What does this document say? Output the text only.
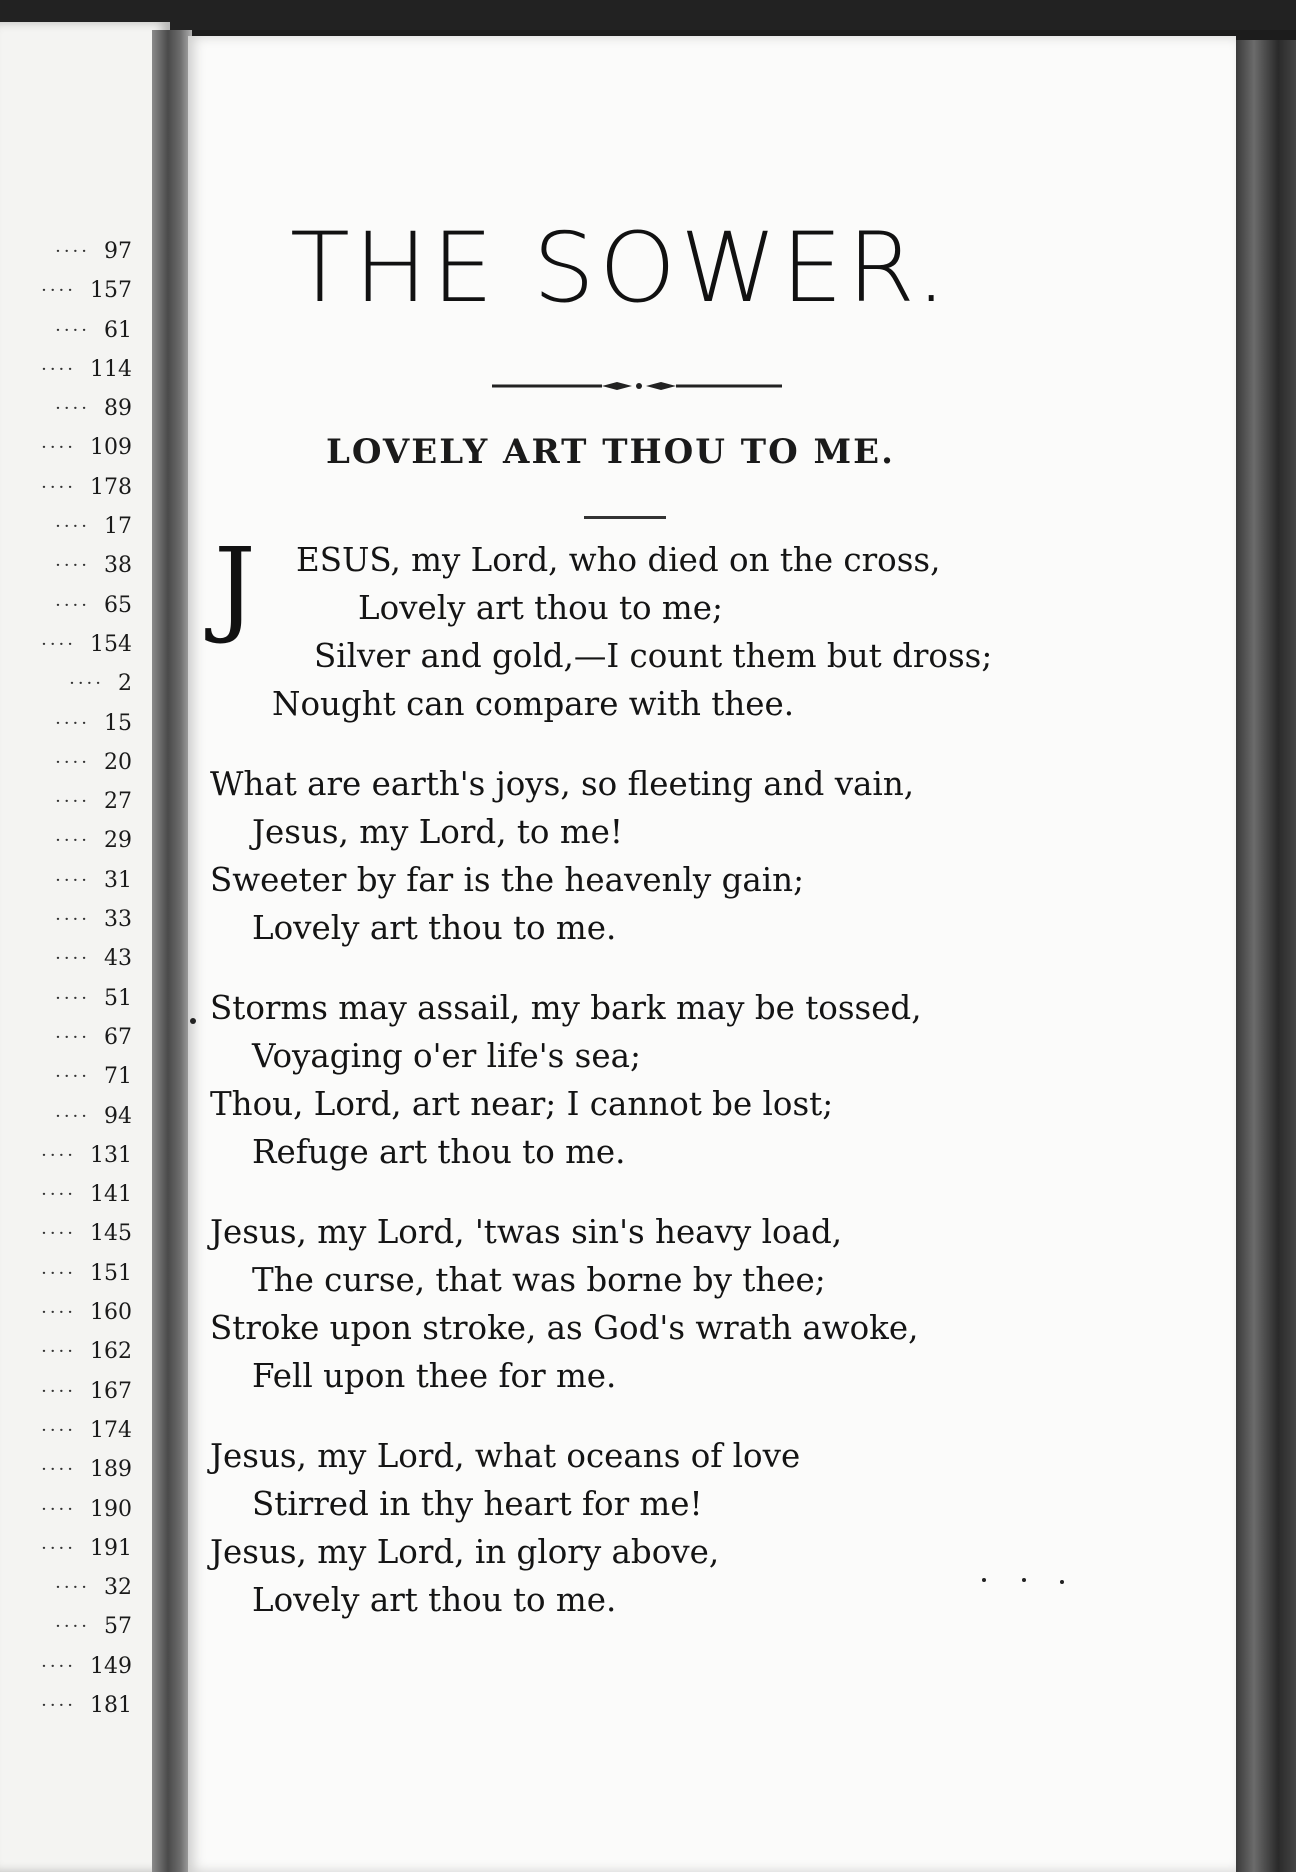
···· 97
···· 157
···· 61
···· 114
···· 89
···· 109
···· 178
···· 17
···· 38
···· 65
···· 154
···· 2
···· 15
···· 20
···· 27
···· 29
···· 31
···· 33
···· 43
···· 51
···· 67
···· 71
···· 94
···· 131
···· 141
···· 145
···· 151
···· 160
···· 162
···· 167
···· 174
···· 189
···· 190
···· 191
···· 32
···· 57
···· 149
···· 181
THE SOWER.
LOVELY ART THOU TO ME.
J	ESUS, my Lord, who died on the cross,
Lovely art thou to me;
Silver and gold,—I count them but dross;
Nought can compare with thee.
What are earth's joys, so fleeting and vain,
Jesus, my Lord, to me!
Sweeter by far is the heavenly gain;
Lovely art thou to me.
Storms may assail, my bark may be tossed,
Voyaging o'er life's sea;
Thou, Lord, art near; I cannot be lost;
Refuge art thou to me.
Jesus, my Lord, 'twas sin's heavy load,
The curse, that was borne by thee;
Stroke upon stroke, as God's wrath awoke,
Fell upon thee for me.
Jesus, my Lord, what oceans of love
Stirred in thy heart for me!
Jesus, my Lord, in glory above,
Lovely art thou to me.
